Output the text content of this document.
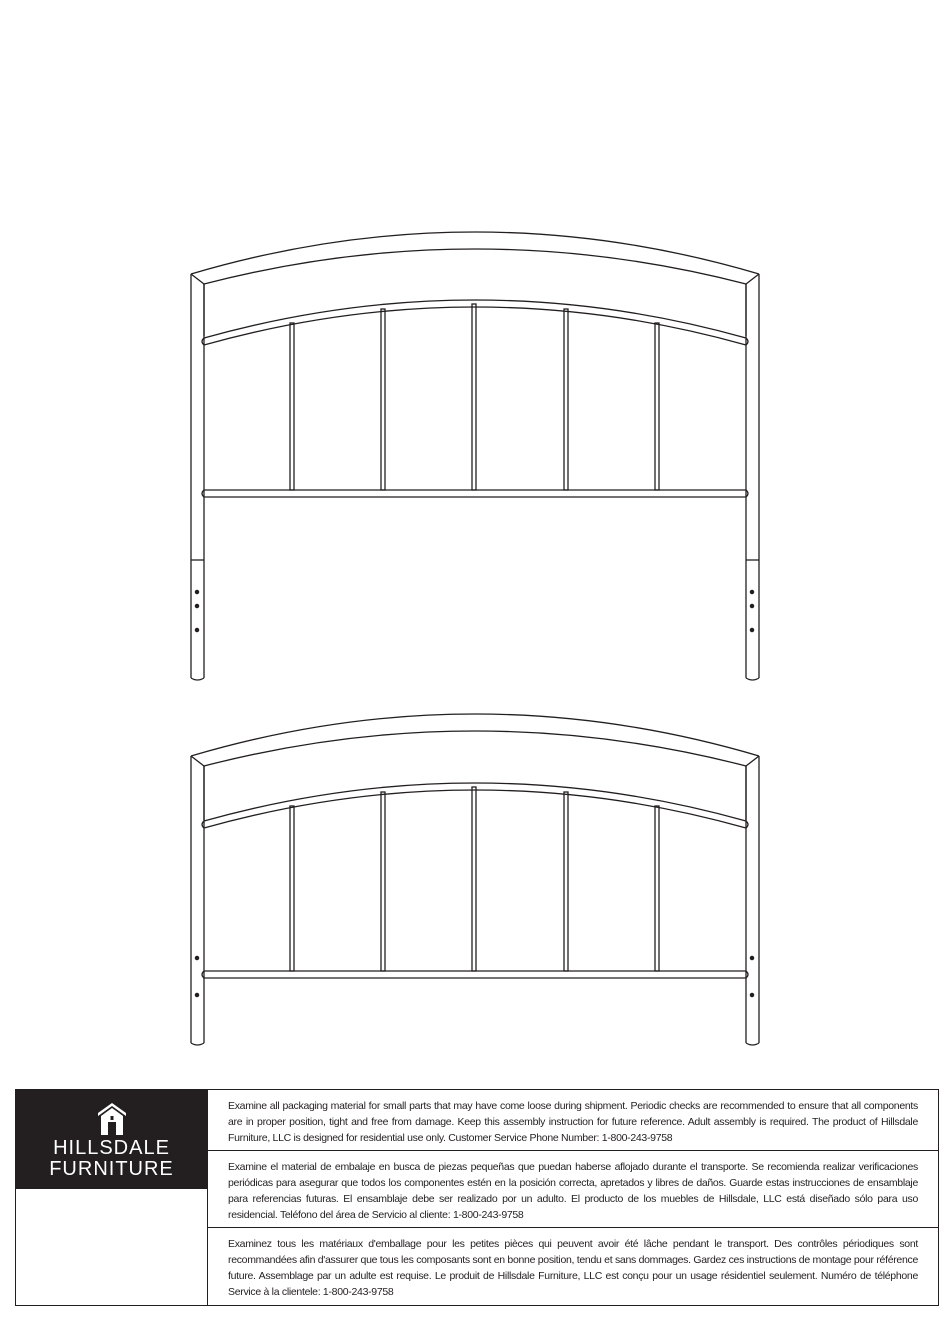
HILLSDALE
FURNITURE
Examine all packaging material for small parts that may have come loose during shipment. Periodic checks are recommended to ensure that all components are in proper position, tight and free from damage. Keep this assembly instruction for future reference. Adult assembly is required. The product of Hillsdale Furniture, LLC is designed for residential use only. Customer Service Phone Number: 1-800-243-9758
Examine el material de embalaje en busca de piezas pequeñas que puedan haberse aflojado durante el transporte. Se recomienda realizar verificaciones periódicas para asegurar que todos los componentes estén en la posición correcta, apretados y libres de daños. Guarde estas instrucciones de ensamblaje para referencias futuras. El ensamblaje debe ser realizado por un adulto. El producto de los muebles de Hillsdale, LLC está diseñado sólo para uso residencial. Teléfono del área de Servicio al cliente: 1-800-243-9758
Examinez tous les matériaux d'emballage pour les petites pièces qui peuvent avoir été lâche pendant le transport. Des contrôles périodiques sont recommandées afin d'assurer que tous les composants sont en bonne position, tendu et sans dommages. Gardez ces instructions de montage pour référence future. Assemblage par un adulte est requise. Le produit de Hillsdale Furniture, LLC est conçu pour un usage résidentiel seulement. Numéro de téléphone Service à la clientele: 1-800-243-9758
